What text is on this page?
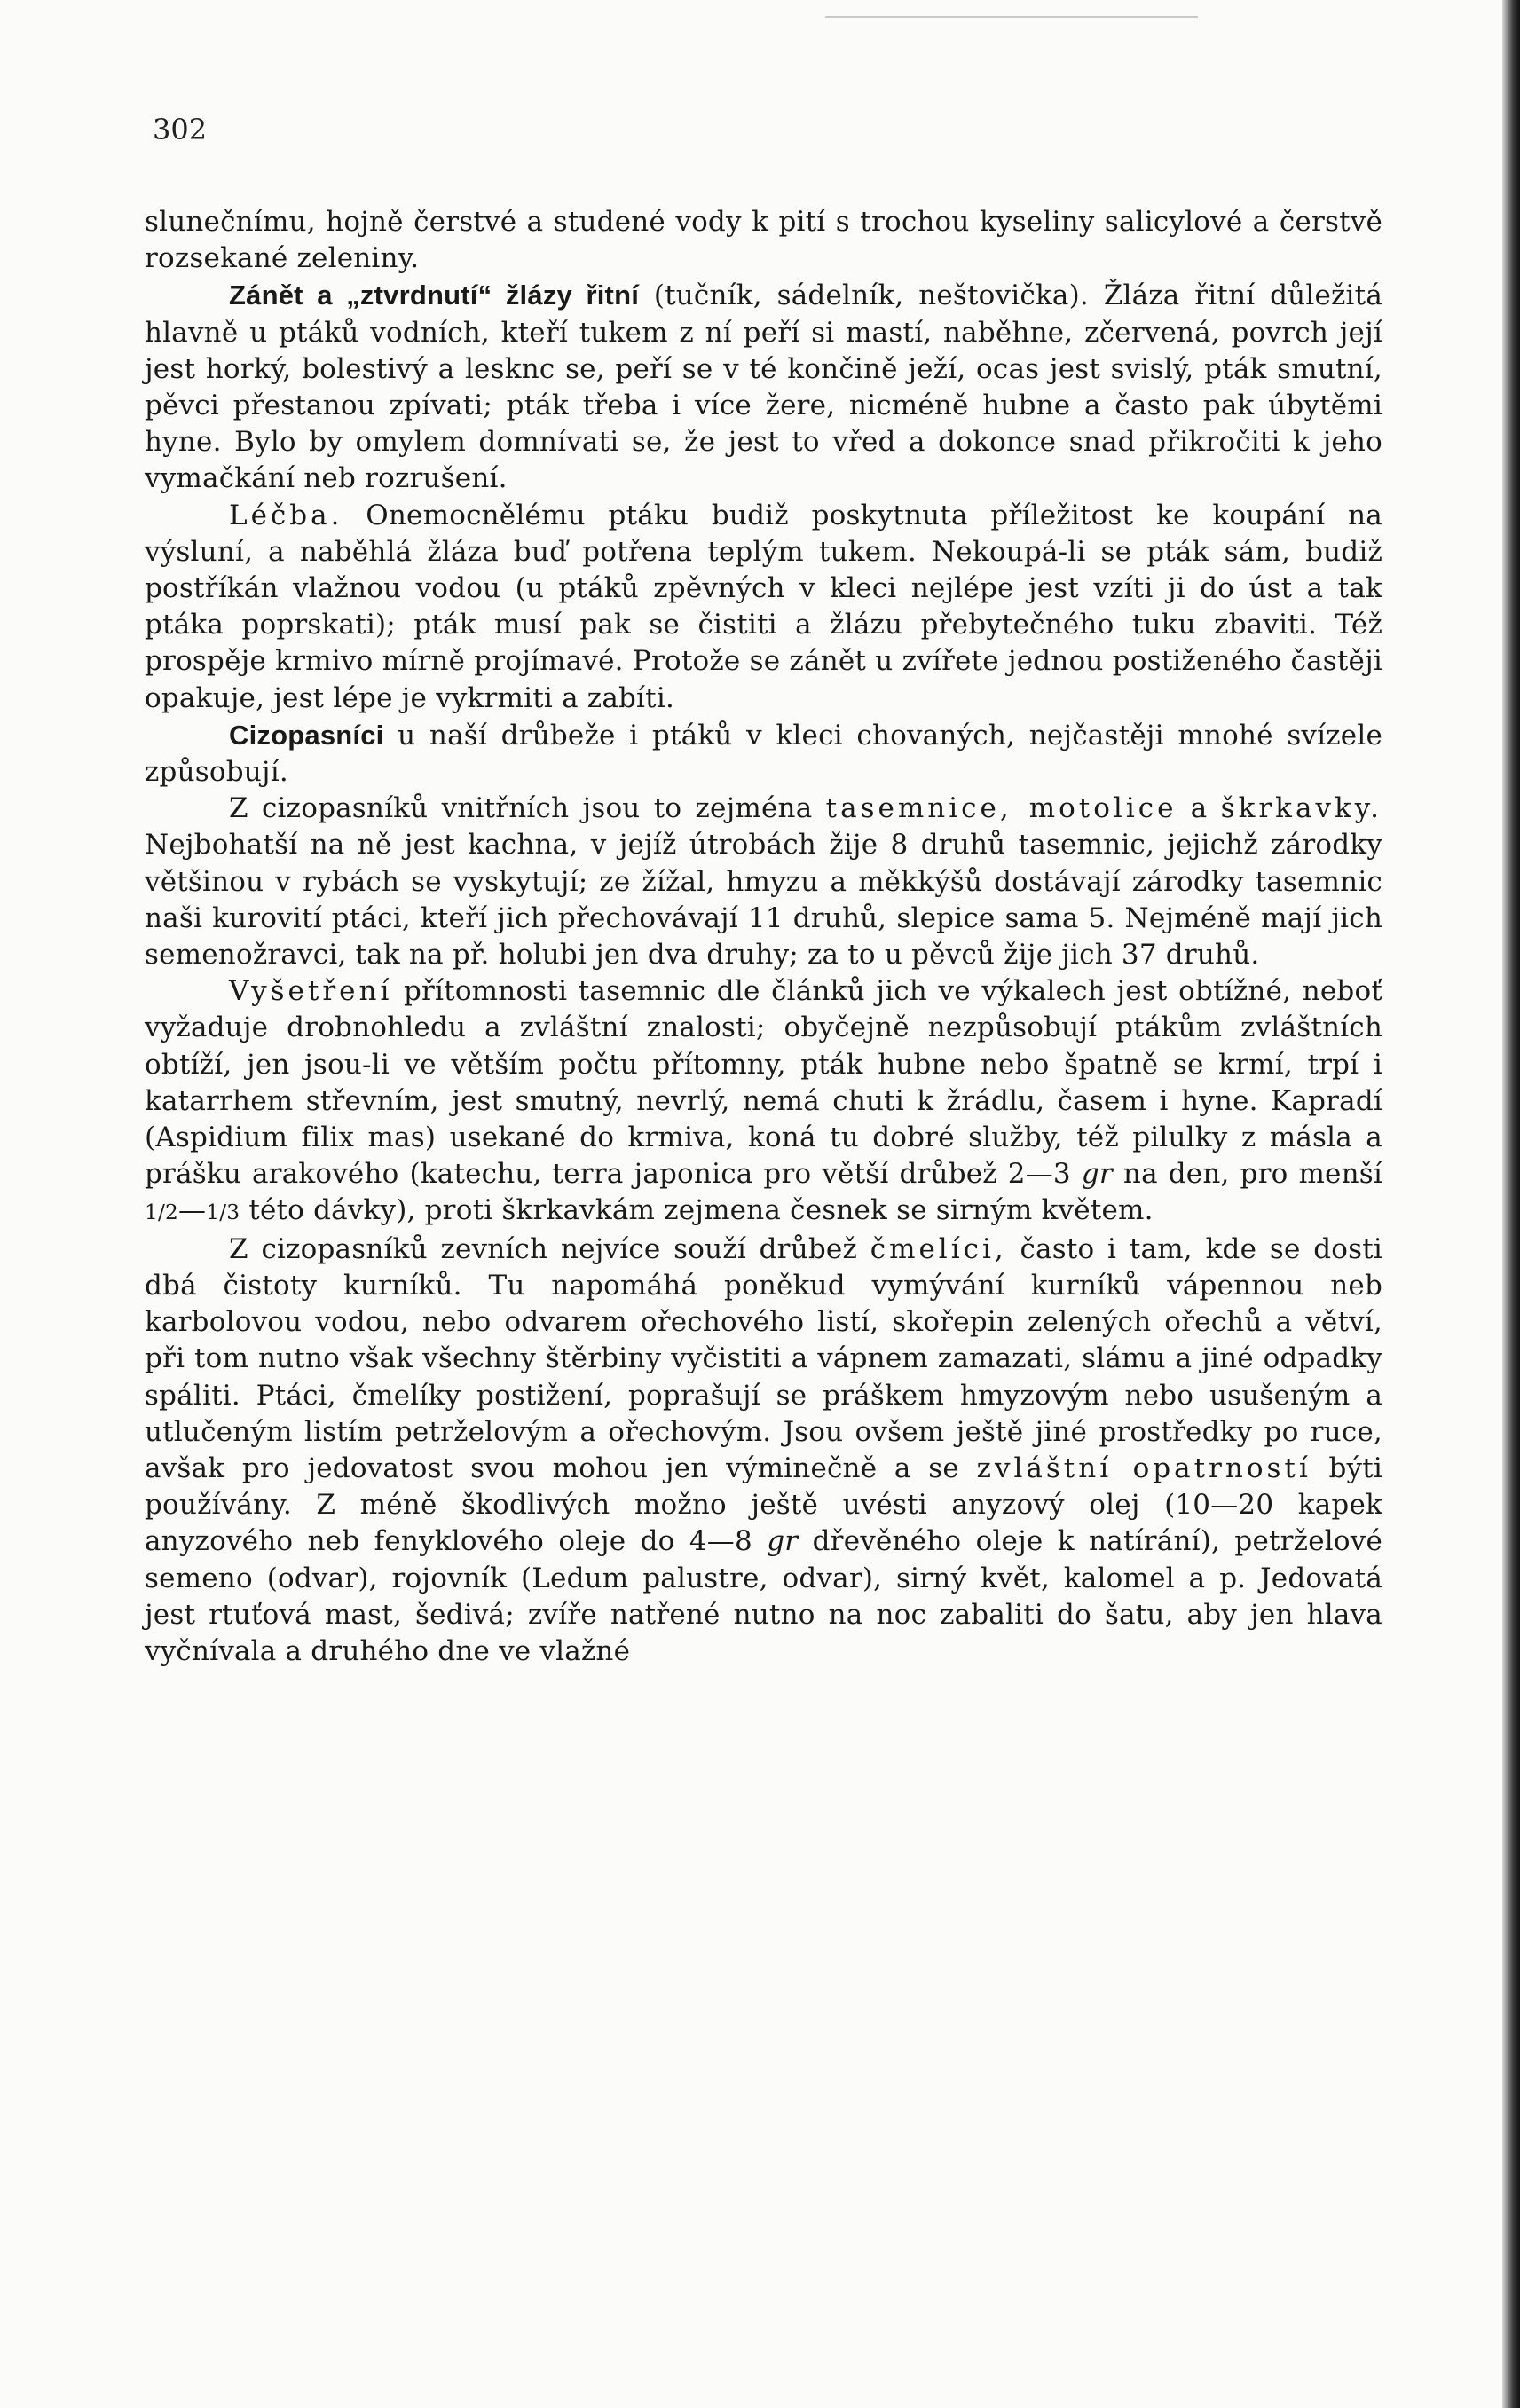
302

slunečnímu, hojně čerstvé a studené vody k pití s trochou kyseliny salicylové a čerstvě rozsekané zeleniny.

Zánět a „ztvrdnutí“ žlázy řitní (tučník, sádelník, neštovička). Žláza řitní důležitá hlavně u ptáků vodních, kteří tukem z ní peří si mastí, naběhne, zčervená, povrch její jest horký, bolestivý a lesknc se, peří se v té končině ježí, ocas jest svislý, pták smutní, pěvci přestanou zpívati; pták třeba i více žere, nicméně hubne a často pak úbytěmi hyne. Bylo by omylem domnívati se, že jest to vřed a dokonce snad přikročiti k jeho vymačkání neb rozrušení.

Léčba. Onemocnělému ptáku budiž poskytnuta příležitost ke koupání na výsluní, a naběhlá žláza buď potřena teplým tukem. Nekoupá-li se pták sám, budiž postříkán vlažnou vodou (u ptáků zpěvných v kleci nejlépe jest vzíti ji do úst a tak ptáka poprskati); pták musí pak se čistiti a žlázu přebytečného tuku zbaviti. Též prospěje krmivo mírně projímavé. Protože se zánět u zvířete jednou postiženého častěji opakuje, jest lépe je vykrmiti a zabíti.

Cizopasníci u naší drůbeže i ptáků v kleci chovaných, nejčastěji mnohé svízele způsobují.

Z cizopasníků vnitřních jsou to zejména tasemnice, motolice a škrkavky. Nejbohatší na ně jest kachna, v jejíž útrobách žije 8 druhů tasemnic, jejichž zárodky většinou v rybách se vyskytují; ze žížal, hmyzu a měkkýšů dostávají zárodky tasemnic naši kurovití ptáci, kteří jich přechovávají 11 druhů, slepice sama 5. Nejméně mají jich semenožravci, tak na př. holubi jen dva druhy; za to u pěvců žije jich 37 druhů.

Vyšetření přítomnosti tasemnic dle článků jich ve výkalech jest obtížné, neboť vyžaduje drobnohledu a zvláštní znalosti; obyčejně nezpůsobují ptákům zvláštních obtíží, jen jsou-li ve větším počtu přítomny, pták hubne nebo špatně se krmí, trpí i katarrhem střevním, jest smutný, nevrlý, nemá chuti k žrádlu, časem i hyne. Kapradí (Aspidium filix mas) usekané do krmiva, koná tu dobré služby, též pilulky z másla a prášku arakového (katechu, terra japonica pro větší drůbež 2—3 gr na den, pro menší 1/2—1/3 této dávky), proti škrkavkám zejmena česnek se sirným květem.

Z cizopasníků zevních nejvíce souží drůbež čmelíci, často i tam, kde se dosti dbá čistoty kurníků. Tu napomáhá poněkud vymývání kurníků vápennou neb karbolovou vodou, nebo odvarem ořechového listí, skořepin zelených ořechů a větví, při tom nutno však všechny štěrbiny vyčistiti a vápnem zamazati, slámu a jiné odpadky spáliti. Ptáci, čmelíky postižení, poprašují se práškem hmyzovým nebo usušeným a utlučeným listím petrželovým a ořechovým. Jsou ovšem ještě jiné prostředky po ruce, avšak pro jedovatost svou mohou jen výminečně a se zvláštní opatrností býti používány. Z méně škodlivých možno ještě uvésti anyzový olej (10—20 kapek anyzového neb fenyklového oleje do 4—8 gr dřevěného oleje k natírání), petrželové semeno (odvar), rojovník (Ledum palustre, odvar), sirný květ, kalomel a p. Jedovatá jest rtuťová mast, šedivá; zvíře natřené nutno na noc zabaliti do šatu, aby jen hlava vyčnívala a druhého dne ve vlažné
